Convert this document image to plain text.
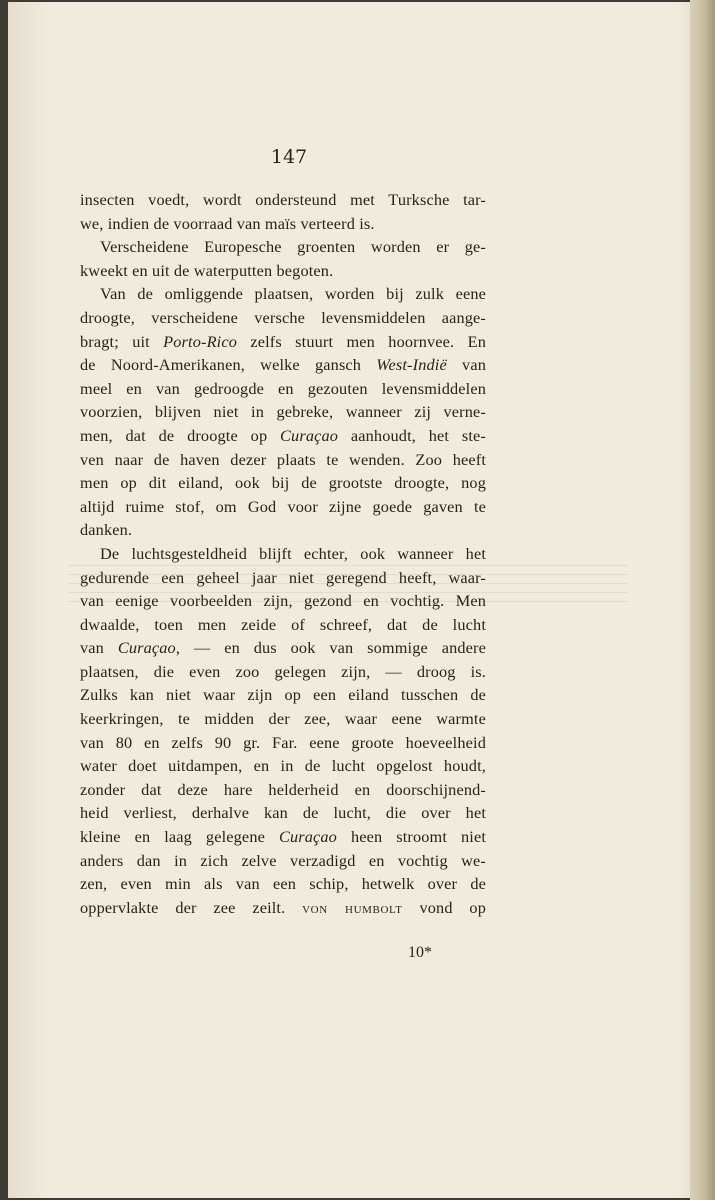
147
insecten voedt, wordt ondersteund met Turksche tar-
we, indien de voorraad van maïs verteerd is.
Verscheidene Europesche groenten worden er ge-
kweekt en uit de waterputten begoten.
Van de omliggende plaatsen, worden bij zulk eene
droogte, verscheidene versche levensmiddelen aange-
bragt; uit Porto-Rico zelfs stuurt men hoornvee. En
de Noord-Amerikanen, welke gansch West-Indië van
meel en van gedroogde en gezouten levensmiddelen
voorzien, blijven niet in gebreke, wanneer zij verne-
men, dat de droogte op Curaçao aanhoudt, het ste-
ven naar de haven dezer plaats te wenden. Zoo heeft
men op dit eiland, ook bij de grootste droogte, nog
altijd ruime stof, om God voor zijne goede gaven te
danken.
De luchtsgesteldheid blijft echter, ook wanneer het
gedurende een geheel jaar niet geregend heeft, waar-
van eenige voorbeelden zijn, gezond en vochtig. Men
dwaalde, toen men zeide of schreef, dat de lucht
van Curaçao, — en dus ook van sommige andere
plaatsen, die even zoo gelegen zijn, — droog is.
Zulks kan niet waar zijn op een eiland tusschen de
keerkringen, te midden der zee, waar eene warmte
van 80 en zelfs 90 gr. Far. eene groote hoeveelheid
water doet uitdampen, en in de lucht opgelost houdt,
zonder dat deze hare helderheid en doorschijnend-
heid verliest, derhalve kan de lucht, die over het
kleine en laag gelegene Curaçao heen stroomt niet
anders dan in zich zelve verzadigd en vochtig we-
zen, even min als van een schip, hetwelk over de
oppervlakte der zee zeilt. von humbolt vond op
10*
